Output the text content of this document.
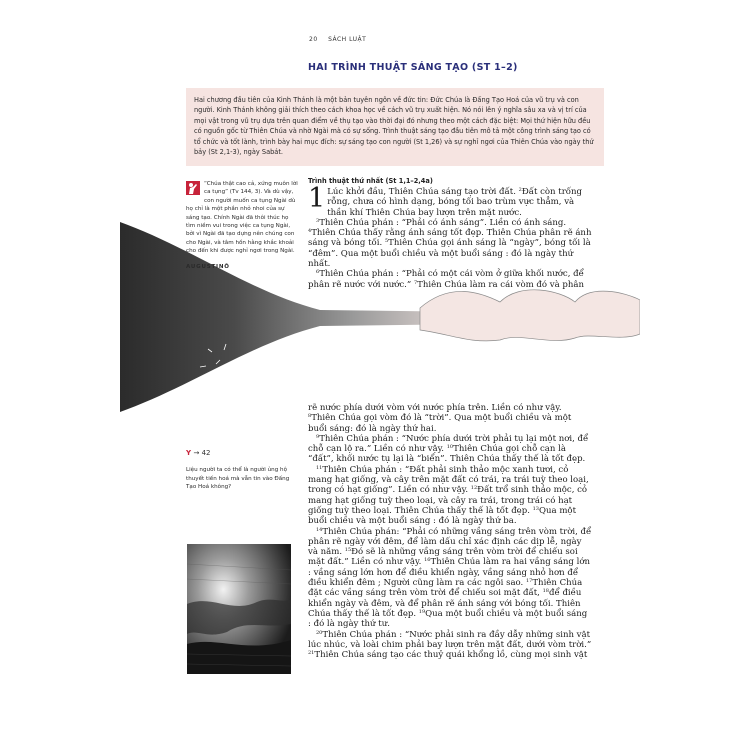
20 SÁCH LUẬT
HAI TRÌNH THUẬT SÁNG TẠO (ST 1–2)
Hai chương đầu tiên của Kinh Thánh là một bản tuyên ngôn về đức tin: Đức Chúa là Đấng Tạo Hoá của vũ trụ và con người. Kinh Thánh không giải thích theo cách khoa học về cách vũ trụ xuất hiện. Nó nói lên ý nghĩa sâu xa và vị trí của mọi vật trong vũ trụ dựa trên quan điểm về thụ tạo vào thời đại đó nhưng theo một cách đặc biệt: Mọi thứ hiện hữu đều có nguồn gốc từ Thiên Chúa và nhờ Ngài mà có sự sống. Trình thuật sáng tạo đầu tiên mô tả một công trình sáng tạo có tổ chức và tốt lành, trình bày hai mục đích: sự sáng tạo con người (St 1,26) và sự nghỉ ngơi của Thiên Chúa vào ngày thứ bảy (St 2,1-3), ngày Sabát.
“Chúa thật cao cả, xứng muôn lời ca tụng” (Tv 144, 3). Và dù vậy, con người muốn ca tụng Ngài dù họ chỉ là một phần nhỏ nhoi của sự sáng tạo. Chính Ngài đã thôi thúc họ tìm niềm vui trong việc ca tụng Ngài, bởi vì Ngài đã tạo dựng nên chúng con cho Ngài, và tâm hồn hằng khắc khoải cho đến khi được nghỉ ngơi trong Ngài.
AUGUSTINÔ
Y → 42
Liệu người ta có thể là người ủng hộ thuyết tiến hoá mà vẫn tin vào Đấng Tạo Hoá không?
Trình thuật thứ nhất (St 1,1–2,4a)
1 Lúc khởi đầu, Thiên Chúa sáng tạo trời đất. $^2$Đất còn trống rỗng, chưa có hình dạng, bóng tối bao trùm vực thẳm, và thần khí Thiên Chúa bay lượn trên mặt nước.

$^3$Thiên Chúa phán : “Phải có ánh sáng”. Liền có ánh sáng. $^4$Thiên Chúa thấy rằng ánh sáng tốt đẹp. Thiên Chúa phân rẽ ánh sáng và bóng tối. $^5$Thiên Chúa gọi ánh sáng là “ngày”, bóng tối là “đêm”. Qua một buổi chiều và một buổi sáng : đó là ngày thứ nhất.

$^6$Thiên Chúa phán : “Phải có một cái vòm ở giữa khối nước, để phân rẽ nước với nước.” $^7$Thiên Chúa làm ra cái vòm đó và phân

rẽ nước phía dưới vòm với nước phía trên. Liền có như vậy. $^8$Thiên Chúa gọi vòm đó là “trời”. Qua một buổi chiều và một buổi sáng: đó là ngày thứ hai.

$^9$Thiên Chúa phán : “Nước phía dưới trời phải tụ lại một nơi, để chỗ cạn lộ ra.” Liền có như vậy. $^{10}$Thiên Chúa gọi chỗ cạn là “đất”, khối nước tụ lại là “biển”. Thiên Chúa thấy thế là tốt đẹp.

$^{11}$Thiên Chúa phán : “Đất phải sinh thảo mộc xanh tươi, cỏ mang hạt giống, và cây trên mặt đất có trái, ra trái tuỳ theo loại, trong có hạt giống”. Liền có như vậy. $^{12}$Đất trổ sinh thảo mộc, cỏ mang hạt giống tuỳ theo loại, và cây ra trái, trong trái có hạt giống tuỳ theo loại. Thiên Chúa thấy thế là tốt đẹp. $^{13}$Qua một buổi chiều và một buổi sáng : đó là ngày thứ ba.

$^{14}$Thiên Chúa phán: “Phải có những vầng sáng trên vòm trời, để phân rẽ ngày với đêm, để làm dấu chỉ xác định các dịp lễ, ngày và năm. $^{15}$Đó sẽ là những vầng sáng trên vòm trời để chiếu soi mặt đất.” Liền có như vậy. $^{16}$Thiên Chúa làm ra hai vầng sáng lớn : vầng sáng lớn hơn để điều khiển ngày, vầng sáng nhỏ hơn để điều khiển đêm ; Người cũng làm ra các ngôi sao. $^{17}$Thiên Chúa đặt các vầng sáng trên vòm trời để chiếu soi mặt đất, $^{18}$để điều khiển ngày và đêm, và để phân rẽ ánh sáng với bóng tối. Thiên Chúa thấy thế là tốt đẹp. $^{19}$Qua một buổi chiều và một buổi sáng : đó là ngày thứ tư.

$^{20}$Thiên Chúa phán : “Nước phải sinh ra đầy dẫy những sinh vật lúc nhúc, và loài chim phải bay lượn trên mặt đất, dưới vòm trời.”

$^{21}$Thiên Chúa sáng tạo các thuỷ quái khổng lồ, cùng mọi sinh vật
